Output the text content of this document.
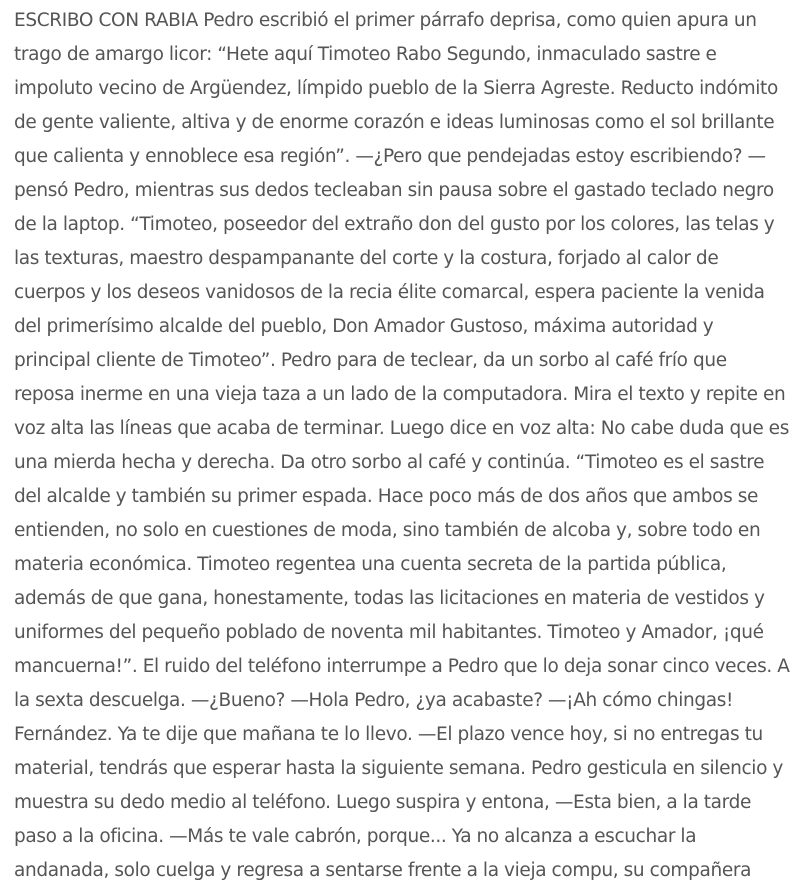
ESCRIBO CON RABIA Pedro escribió el primer párrafo deprisa, como quien apura un trago de amargo licor: “Hete aquí Timoteo Rabo Segundo, inmaculado sastre e impoluto vecino de Argüendez, límpido pueblo de la Sierra Agreste. Reducto indómito de gente valiente, altiva y de enorme corazón e ideas luminosas como el sol brillante que calienta y ennoblece esa región”. —¿Pero que pendejadas estoy escribiendo? —pensó Pedro, mientras sus dedos tecleaban sin pausa sobre el gastado teclado negro de la laptop. “Timoteo, poseedor del extraño don del gusto por los colores, las telas y las texturas, maestro despampanante del corte y la costura, forjado al calor de cuerpos y los deseos vanidosos de la recia élite comarcal, espera paciente la venida del primerísimo alcalde del pueblo, Don Amador Gustoso, máxima autoridad y principal cliente de Timoteo”. Pedro para de teclear, da un sorbo al café frío que reposa inerme en una vieja taza a un lado de la computadora. Mira el texto y repite en voz alta las líneas que acaba de terminar. Luego dice en voz alta: No cabe duda que es una mierda hecha y derecha. Da otro sorbo al café y continúa. “Timoteo es el sastre del alcalde y también su primer espada. Hace poco más de dos años que ambos se entienden, no solo en cuestiones de moda, sino también de alcoba y, sobre todo en materia económica. Timoteo regentea una cuenta secreta de la partida pública, además de que gana, honestamente, todas las licitaciones en materia de vestidos y uniformes del pequeño poblado de noventa mil habitantes. Timoteo y Amador, ¡qué mancuerna!”. El ruido del teléfono interrumpe a Pedro que lo deja sonar cinco veces. A la sexta descuelga. —¿Bueno? —Hola Pedro, ¿ya acabaste? —¡Ah cómo chingas! Fernández. Ya te dije que mañana te lo llevo. —El plazo vence hoy, si no entregas tu material, tendrás que esperar hasta la siguiente semana. Pedro gesticula en silencio y muestra su dedo medio al teléfono. Luego suspira y entona, —Esta bien, a la tarde paso a la oficina. —Más te vale cabrón, porque... Ya no alcanza a escuchar la andanada, solo cuelga y regresa a sentarse frente a la vieja compu, su compañera
